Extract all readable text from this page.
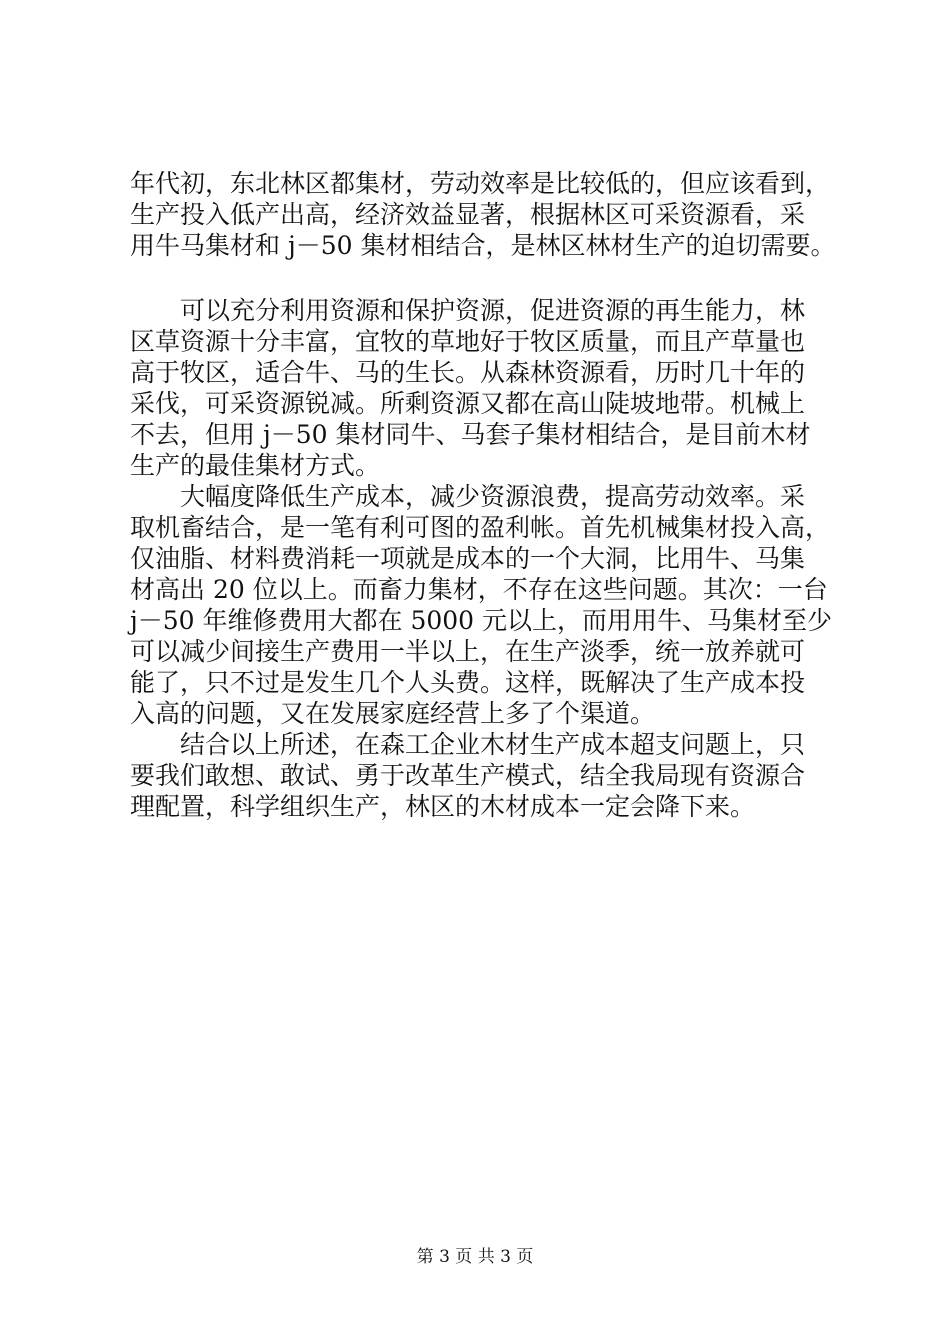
年代初，东北林区都集材，劳动效率是比较低的，但应该看到，
生产投入低产出高，经济效益显著，根据林区可采资源看，采
用牛马集材和 j－50 集材相结合，是林区林材生产的迫切需要。
可以充分利用资源和保护资源，促进资源的再生能力，林
区草资源十分丰富，宜牧的草地好于牧区质量，而且产草量也
高于牧区，适合牛、马的生长。从森林资源看，历时几十年的
采伐，可采资源锐减。所剩资源又都在高山陡坡地带。机械上
不去，但用 j－50 集材同牛、马套子集材相结合，是目前木材
生产的最佳集材方式。
大幅度降低生产成本，减少资源浪费，提高劳动效率。采
取机畜结合，是一笔有利可图的盈利帐。首先机械集材投入高，
仅油脂、材料费消耗一项就是成本的一个大洞，比用牛、马集
材高出 20 位以上。而畜力集材，不存在这些问题。其次：一台
j－50 年维修费用大都在 5000 元以上，而用用牛、马集材至少
可以减少间接生产费用一半以上，在生产淡季，统一放养就可
能了，只不过是发生几个人头费。这样，既解决了生产成本投
入高的问题，又在发展家庭经营上多了个渠道。
结合以上所述，在森工企业木材生产成本超支问题上，只
要我们敢想、敢试、勇于改革生产模式，结全我局现有资源合
理配置，科学组织生产，林区的木材成本一定会降下来。
第 3 页 共 3 页
